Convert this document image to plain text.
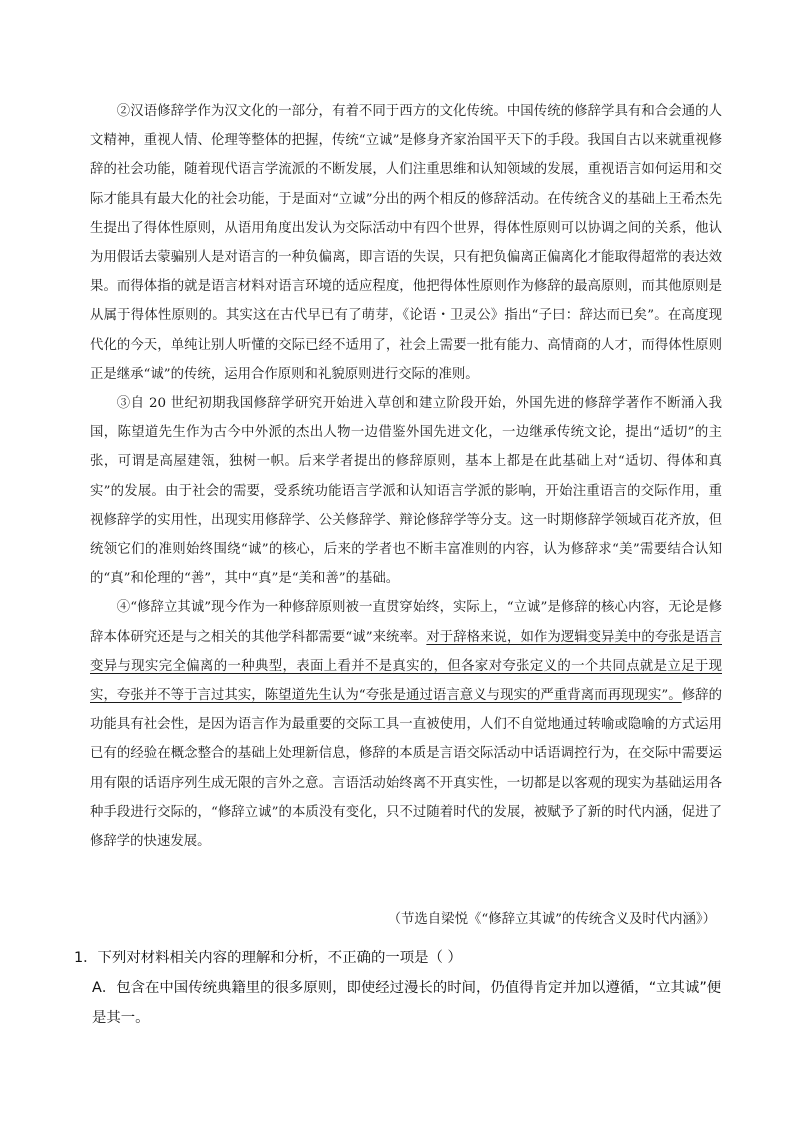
②汉语修辞学作为汉文化的一部分，有着不同于西方的文化传统。中国传统的修辞学具有和合会通的人文精神，重视人情、伦理等整体的把握，传统“立诚”是修身齐家治国平天下的手段。我国自古以来就重视修辞的社会功能，随着现代语言学流派的不断发展，人们注重思维和认知领域的发展，重视语言如何运用和交际才能具有最大化的社会功能，于是面对“立诚”分出的两个相反的修辞活动。在传统含义的基础上王希杰先生提出了得体性原则，从语用角度出发认为交际活动中有四个世界，得体性原则可以协调之间的关系，他认为用假话去蒙骗别人是对语言的一种负偏离，即言语的失误，只有把负偏离正偏离化才能取得超常的表达效果。而得体指的就是语言材料对语言环境的适应程度，他把得体性原则作为修辞的最高原则，而其他原则是从属于得体性原则的。其实这在古代早已有了萌芽，《论语・卫灵公》指出“子曰：辞达而已矣”。在高度现代化的今天，单纯让别人听懂的交际已经不适用了，社会上需要一批有能力、高情商的人才，而得体性原则正是继承“诚”的传统，运用合作原则和礼貌原则进行交际的准则。

③自 20 世纪初期我国修辞学研究开始进入草创和建立阶段开始，外国先进的修辞学著作不断涌入我国，陈望道先生作为古今中外派的杰出人物一边借鉴外国先进文化，一边继承传统文论，提出“适切”的主张，可谓是高屋建瓴，独树一帜。后来学者提出的修辞原则，基本上都是在此基础上对“适切、得体和真实”的发展。由于社会的需要，受系统功能语言学派和认知语言学派的影响，开始注重语言的交际作用，重视修辞学的实用性，出现实用修辞学、公关修辞学、辩论修辞学等分支。这一时期修辞学领域百花齐放，但统领它们的准则始终围绕“诚”的核心，后来的学者也不断丰富准则的内容，认为修辞求“美”需要结合认知的“真”和伦理的“善”，其中“真”是“美和善”的基础。

④“修辞立其诚”现今作为一种修辞原则被一直贯穿始终，实际上，“立诚”是修辞的核心内容，无论是修辞本体研究还是与之相关的其他学科都需要“诚”来统率。对于辞格来说，如作为逻辑变异美中的夸张是语言变异与现实完全偏离的一种典型，表面上看并不是真实的，但各家对夸张定义的一个共同点就是立足于现实，夸张并不等于言过其实，陈望道先生认为“夸张是通过语言意义与现实的严重背离而再现现实”。修辞的功能具有社会性，是因为语言作为最重要的交际工具一直被使用，人们不自觉地通过转喻或隐喻的方式运用已有的经验在概念整合的基础上处理新信息，修辞的本质是言语交际活动中话语调控行为，在交际中需要运用有限的话语序列生成无限的言外之意。言语活动始终离不开真实性，一切都是以客观的现实为基础运用各种手段进行交际的，“修辞立诚”的本质没有变化，只不过随着时代的发展，被赋予了新的时代内涵，促进了修辞学的快速发展。

（节选自梁悦《“修辞立其诚”的传统含义及时代内涵》）

1．下列对材料相关内容的理解和分析，不正确的一项是（ ）

A．包含在中国传统典籍里的很多原则，即使经过漫长的时间，仍值得肯定并加以遵循，“立其诚”便是其一。
